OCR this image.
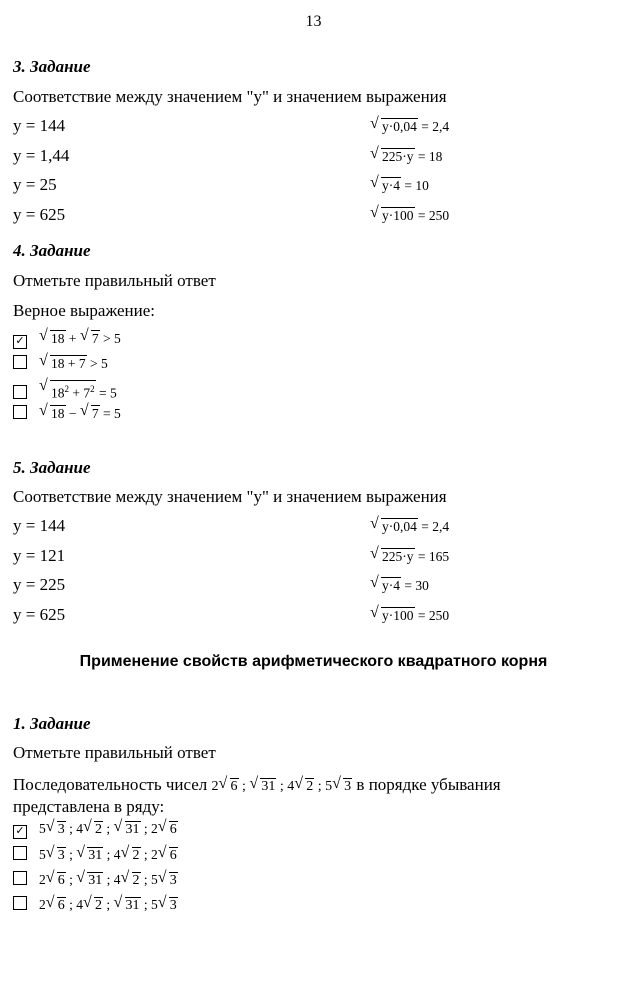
13
3. Задание
Соответствие между значением "y" и значением выражения
y = 144	√ y·0,04 = 2,4
y = 1,44	√ 225·y = 18
y = 25	√ y·4 = 10
y = 625	√ y·100 = 250
4. Задание
Отметьте правильный ответ
Верное выражение:
✓ √ 18 + √ 7 > 5
√ 18 + 7 > 5
√ $18^2 + 7^2 = 5$
√ 18 − √ 7 = 5
5. Задание
Соответствие между значением "y" и значением выражения
y = 144	√ y·0,04 = 2,4
y = 121	√ 225·y = 165
y = 225	√ y·4 = 30
y = 625	√ y·100 = 250
Применение свойств арифметического квадратного корня
1. Задание
Отметьте правильный ответ
Последовательность чисел 2 √ 6 ; √ 31 ; 4 √ 2 ; 5 √ 3 в порядке убывания
представлена в ряду:
✓ 5 √ 3 ; 4 √ 2 ; √ 31 ; 2 √ 6
5 √ 3 ; √ 31 ; 4 √ 2 ; 2 √ 6
2 √ 6 ; √ 31 ; 4 √ 2 ; 5 √ 3
2 √ 6 ; 4 √ 2 ; √ 31 ; 5 √ 3
